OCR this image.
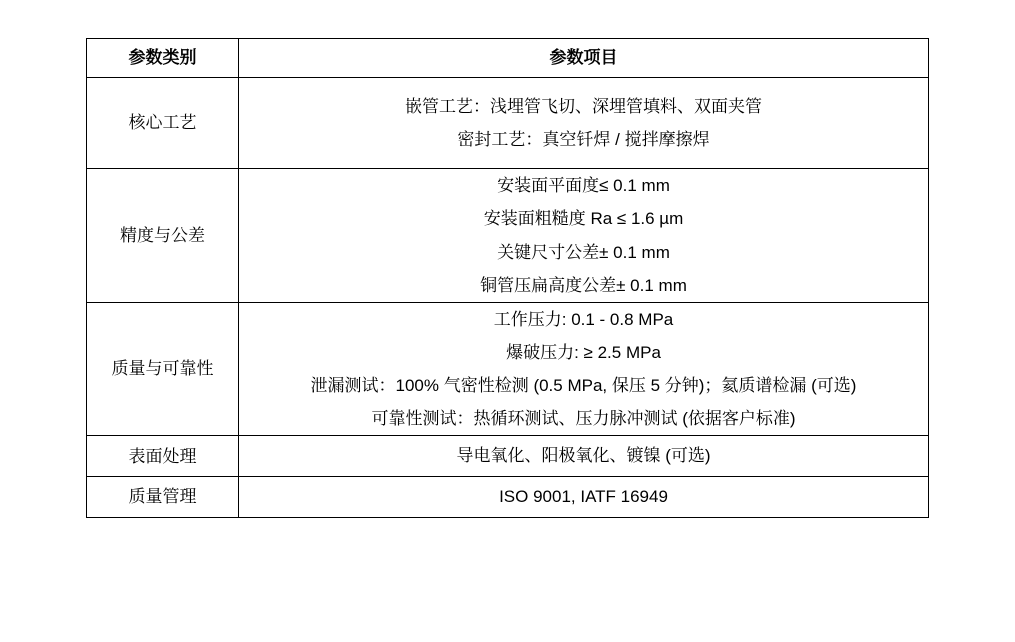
参数类别	参数项目
核心工艺	嵌管工艺：浅埋管飞切、深埋管填料、双面夹管
密封工艺：真空钎焊 / 搅拌摩擦焊

精度与公差	安装面平面度≤ 0.1 mm
安装面粗糙度 Ra ≤ 1.6 µm
关键尺寸公差± 0.1 mm
铜管压扁高度公差± 0.1 mm

质量与可靠性	工作压力: 0.1 - 0.8 MPa
爆破压力: ≥ 2.5 MPa
泄漏测试：100% 气密性检测 (0.5 MPa, 保压 5 分钟)；氦质谱检漏 (可选)
可靠性测试：热循环测试、压力脉冲测试 (依据客户标准)

表面处理	导电氧化、阳极氧化、镀镍 (可选)

质量管理	ISO 9001, IATF 16949
